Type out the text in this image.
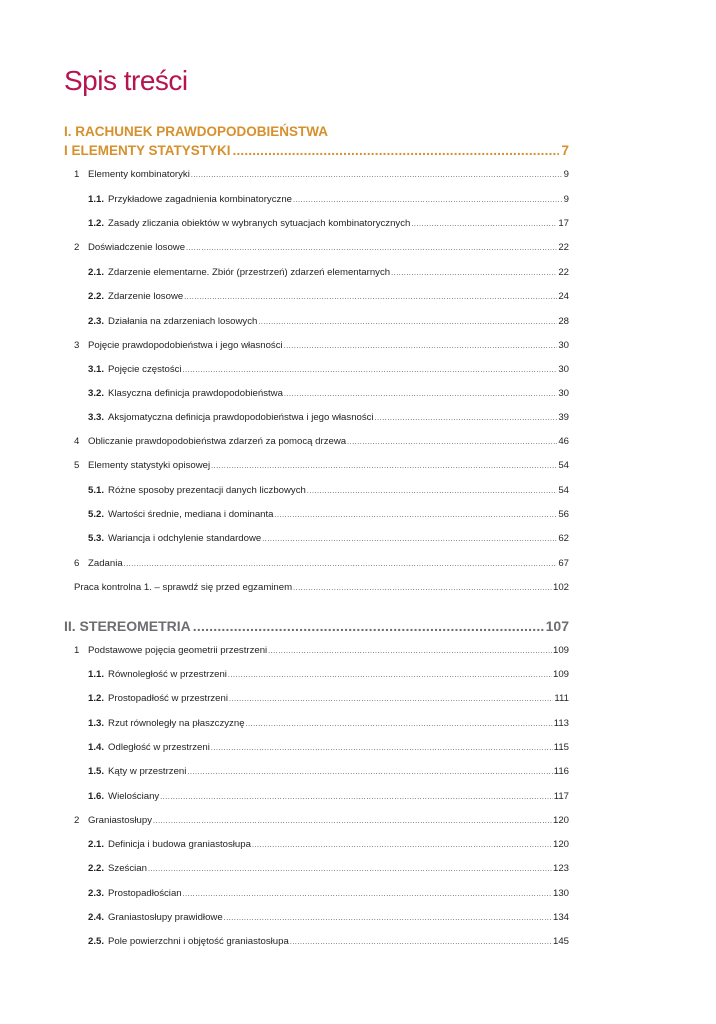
Spis treści
I. RACHUNEK PRAWDOPODOBIEŃSTWA
I ELEMENTY STATYSTYKI .....	7
1 Elementy kombinatoryki .....	9
1.1. Przykładowe zagadnienia kombinatoryczne .....	9
1.2. Zasady zliczania obiektów w wybranych sytuacjach kombinatorycznych .....	17
2 Doświadczenie losowe .....	22
2.1. Zdarzenie elementarne. Zbiór (przestrzeń) zdarzeń elementarnych .....	22
2.2. Zdarzenie losowe .....	24
2.3. Działania na zdarzeniach losowych .....	28
3 Pojęcie prawdopodobieństwa i jego własności .....	30
3.1. Pojęcie częstości .....	30
3.2. Klasyczna definicja prawdopodobieństwa .....	30
3.3. Aksjomatyczna definicja prawdopodobieństwa i jego własności .....	39
4 Obliczanie prawdopodobieństwa zdarzeń za pomocą drzewa .....	46
5 Elementy statystyki opisowej .....	54
5.1. Różne sposoby prezentacji danych liczbowych .....	54
5.2. Wartości średnie, mediana i dominanta .....	56
5.3. Wariancja i odchylenie standardowe .....	62
6 Zadania .....	67
Praca kontrolna 1. – sprawdź się przed egzaminem .....	102
II. STEREOMETRIA .....	107
1 Podstawowe pojęcia geometrii przestrzeni .....	109
1.1. Równoległość w przestrzeni .....	109
1.2. Prostopadłość w przestrzeni .....	111
1.3. Rzut równoległy na płaszczyznę .....	113
1.4. Odległość w przestrzeni .....	115
1.5. Kąty w przestrzeni .....	116
1.6. Wielościany .....	117
2 Graniastosłupy .....	120
2.1. Definicja i budowa graniastosłupa .....	120
2.2. Sześcian .....	123
2.3. Prostopadłościan .....	130
2.4. Graniastosłupy prawidłowe .....	134
2.5. Pole powierzchni i objętość graniastosłupa .....	145
